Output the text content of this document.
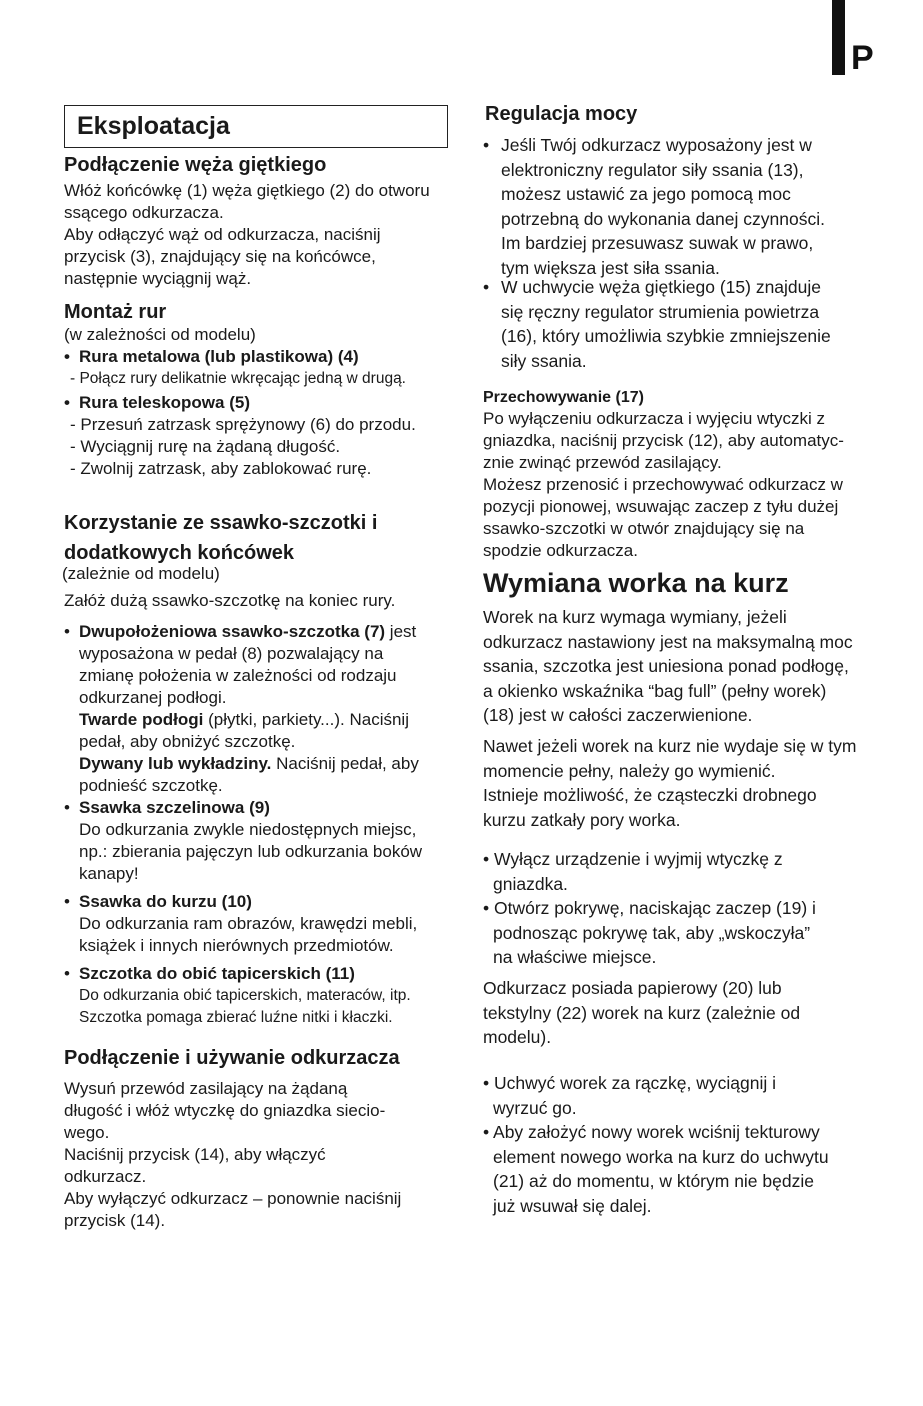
P
Eksploatacja
Podłączenie węża giętkiego
Włóż końcówkę (1) węża giętkiego (2) do otworu
ssącego odkurzacza.
Aby odłączyć wąż od odkurzacza, naciśnij
przycisk (3), znajdujący się na końcówce,
następnie wyciągnij wąż.
Montaż rur
(w zależności od modelu)
• Rura metalowa (lub plastikowa) (4)
- Połącz rury delikatnie wkręcając jedną w drugą.
• Rura teleskopowa (5)
- Przesuń zatrzask sprężynowy (6) do przodu.
- Wyciągnij rurę na żądaną długość.
- Zwolnij zatrzask, aby zablokować rurę.
Korzystanie ze ssawko-szczotki i
dodatkowych końcówek
(zależnie od modelu)
Załóż dużą ssawko-szczotkę na koniec rury.
• Dwupołożeniowa ssawko-szczotka (7) jest
wyposażona w pedał (8) pozwalający na
zmianę położenia w zależności od rodzaju
odkurzanej podłogi.
Twarde podłogi (płytki, parkiety...). Naciśnij
pedał, aby obniżyć szczotkę.
Dywany lub wykładziny. Naciśnij pedał, aby
podnieść szczotkę.
• Ssawka szczelinowa (9)
Do odkurzania zwykle niedostępnych miejsc,
np.: zbierania pajęczyn lub odkurzania boków
kanapy!
• Ssawka do kurzu (10)
Do odkurzania ram obrazów, krawędzi mebli,
książek i innych nierównych przedmiotów.
• Szczotka do obić tapicerskich (11)
Do odkurzania obić tapicerskich, materaców, itp.
Szczotka pomaga zbierać luźne nitki i kłaczki.
Podłączenie i używanie odkurzacza
Wysuń przewód zasilający na żądaną
długość i włóż wtyczkę do gniazdka siecio-
wego.
Naciśnij przycisk (14), aby włączyć
odkurzacz.
Aby wyłączyć odkurzacz – ponownie naciśnij
przycisk (14).
Regulacja mocy
• Jeśli Twój odkurzacz wyposażony jest w
elektroniczny regulator siły ssania (13),
możesz ustawić za jego pomocą moc
potrzebną do wykonania danej czynności.
Im bardziej przesuwasz suwak w prawo,
tym większa jest siła ssania.
• W uchwycie węża giętkiego (15) znajduje
się ręczny regulator strumienia powietrza
(16), który umożliwia szybkie zmniejszenie
siły ssania.
Przechowywanie (17)
Po wyłączeniu odkurzacza i wyjęciu wtyczki z
gniazdka, naciśnij przycisk (12), aby automatyc-
znie zwinąć przewód zasilający.
Możesz przenosić i przechowywać odkurzacz w
pozycji pionowej, wsuwając zaczep z tyłu dużej
ssawko-szczotki w otwór znajdujący się na
spodzie odkurzacza.
Wymiana worka na kurz
Worek na kurz wymaga wymiany, jeżeli
odkurzacz nastawiony jest na maksymalną moc
ssania, szczotka jest uniesiona ponad podłogę,
a okienko wskaźnika “bag full” (pełny worek)
(18) jest w całości zaczerwienione.
Nawet jeżeli worek na kurz nie wydaje się w tym
momencie pełny, należy go wymienić.
Istnieje możliwość, że cząsteczki drobnego
kurzu zatkały pory worka.
• Wyłącz urządzenie i wyjmij wtyczkę z
gniazdka.
• Otwórz pokrywę, naciskając zaczep (19) i
podnosząc pokrywę tak, aby „wskoczyła”
na właściwe miejsce.
Odkurzacz posiada papierowy (20) lub
tekstylny (22) worek na kurz (zależnie od
modelu).
• Uchwyć worek za rączkę, wyciągnij i
wyrzuć go.
• Aby założyć nowy worek wciśnij tekturowy
element nowego worka na kurz do uchwytu
(21) aż do momentu, w którym nie będzie
już wsuwał się dalej.
